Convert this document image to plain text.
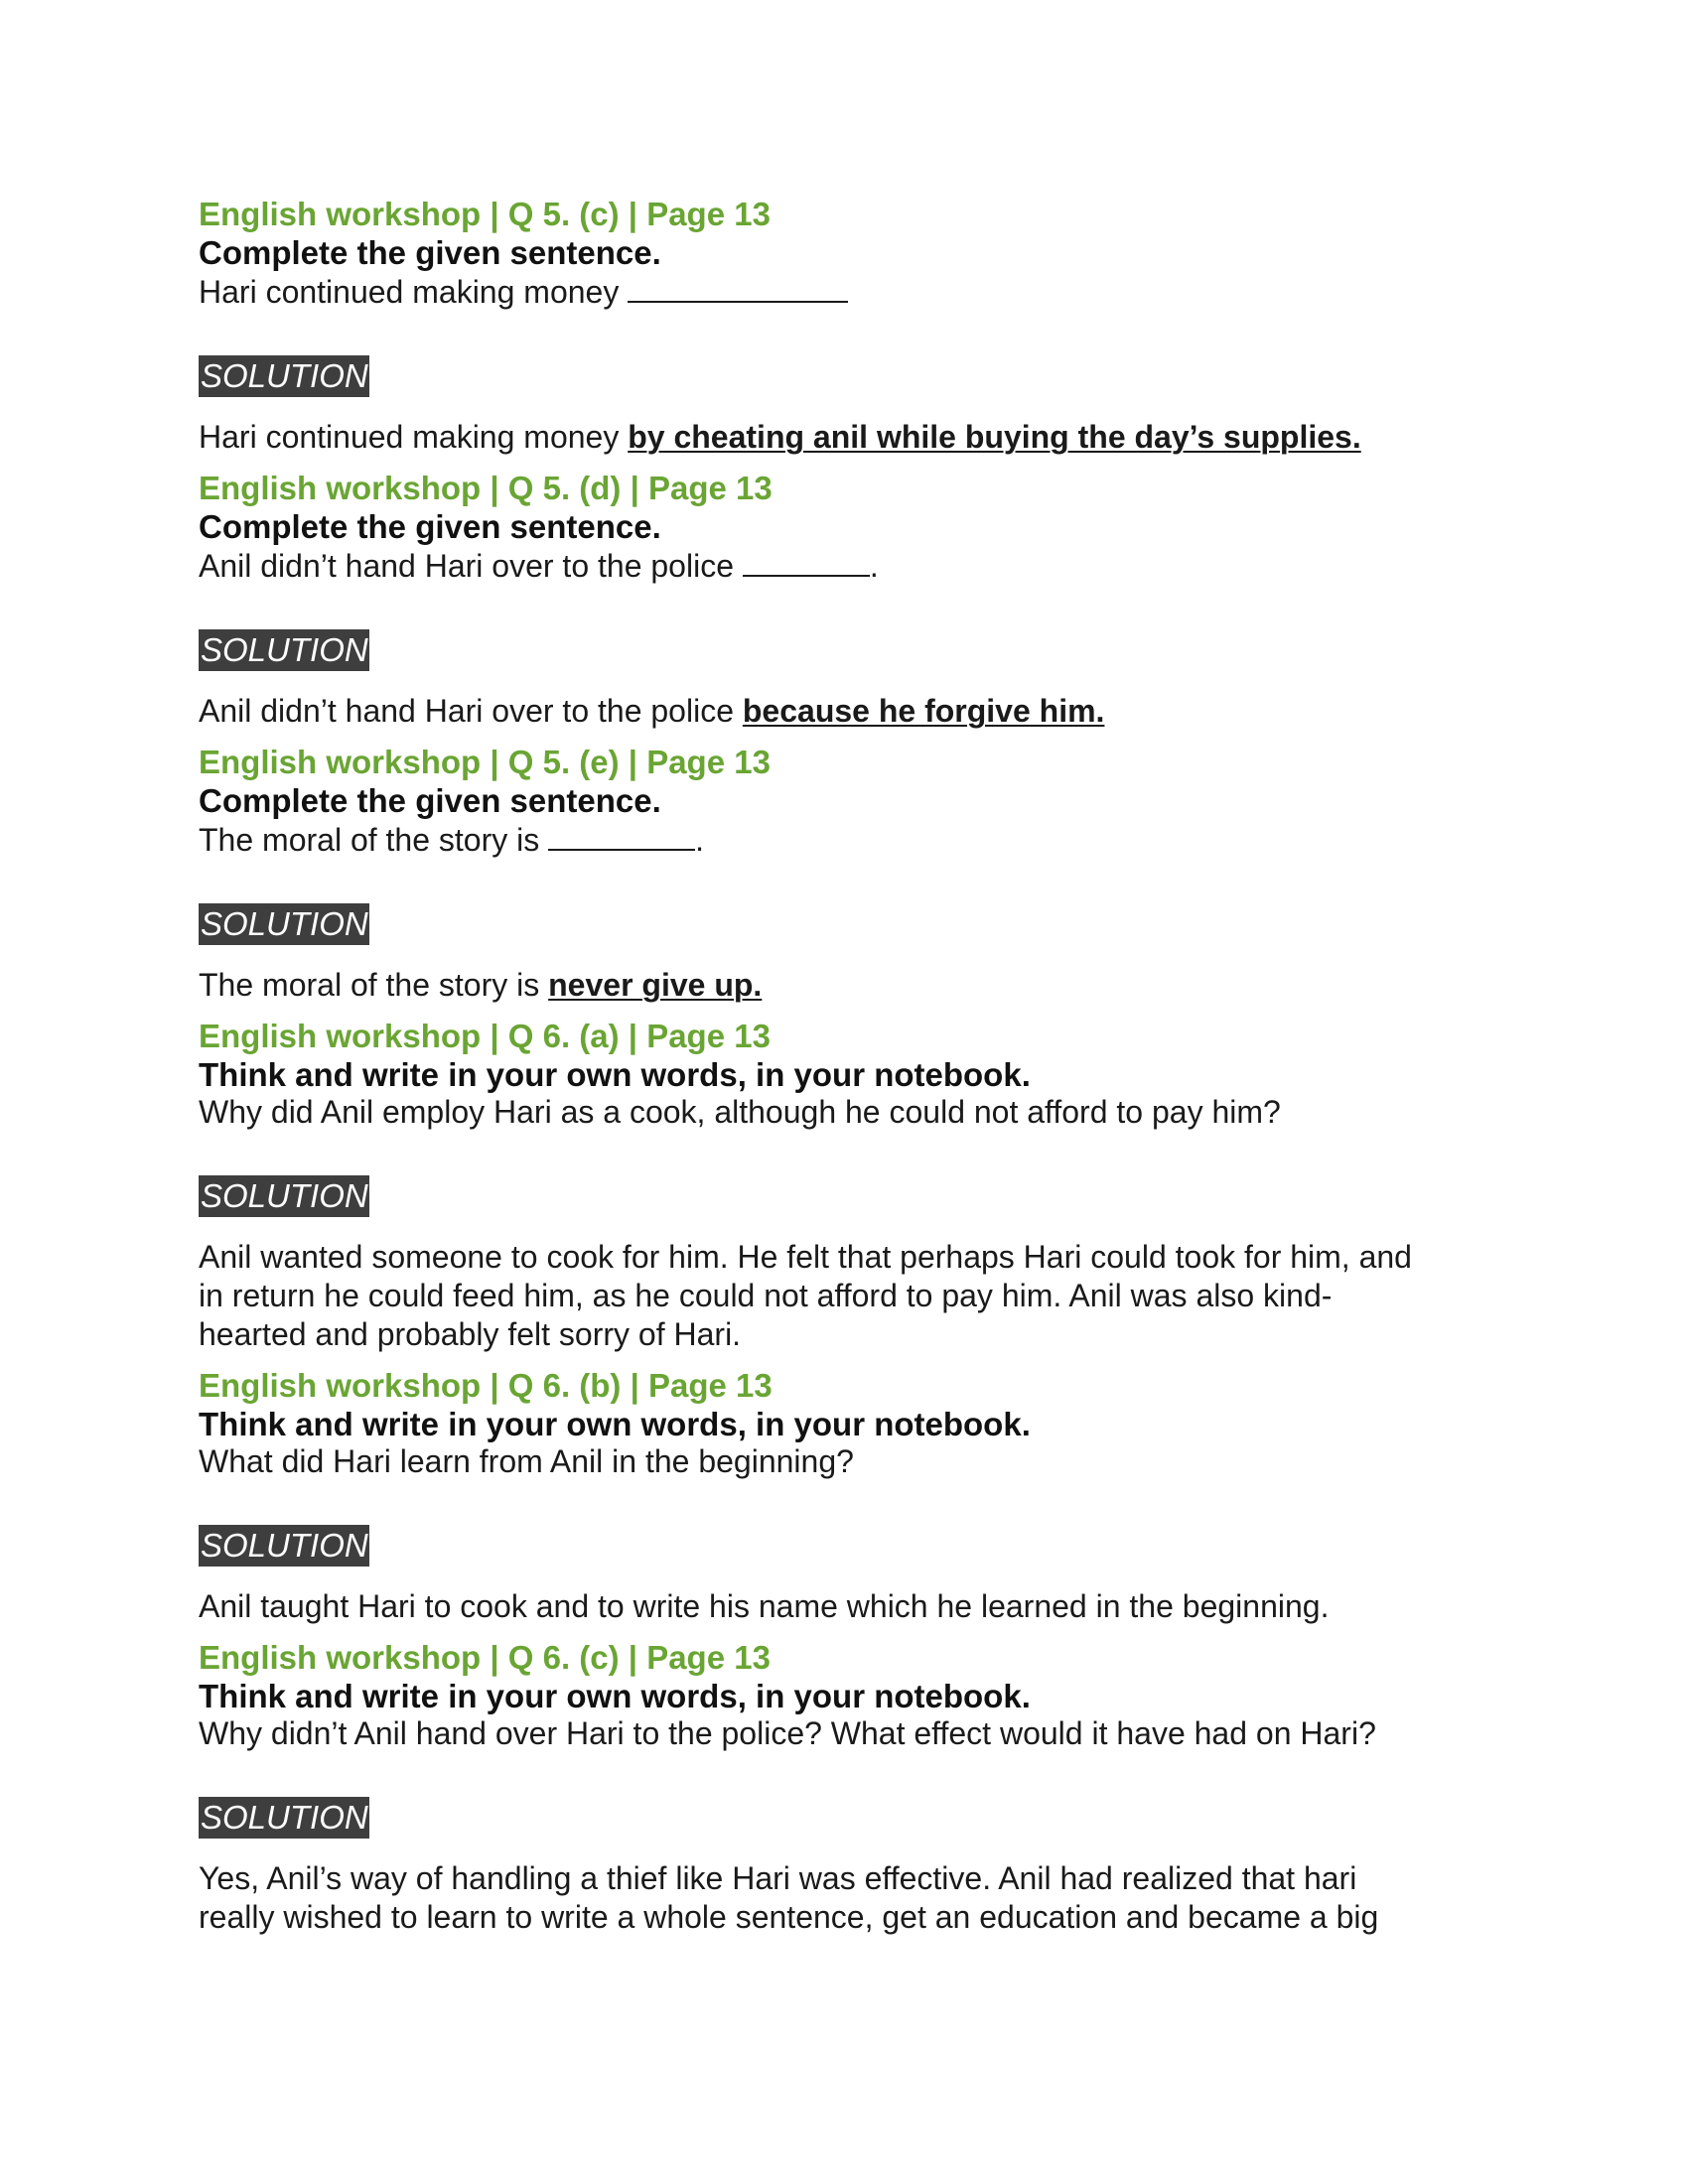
English workshop | Q 5. (c) | Page 13
Complete the given sentence.
Hari continued making money
SOLUTION
Hari continued making money by cheating anil while buying the day’s supplies.
English workshop | Q 5. (d) | Page 13
Complete the given sentence.
Anil didn’t hand Hari over to the police	.
SOLUTION
Anil didn’t hand Hari over to the police because he forgive him.
English workshop | Q 5. (e) | Page 13
Complete the given sentence.
The moral of the story is	.
SOLUTION
The moral of the story is never give up.
English workshop | Q 6. (a) | Page 13
Think and write in your own words, in your notebook.
Why did Anil employ Hari as a cook, although he could not afford to pay him?
SOLUTION
Anil wanted someone to cook for him. He felt that perhaps Hari could took for him, and
in return he could feed him, as he could not afford to pay him. Anil was also kind-
hearted and probably felt sorry of Hari.
English workshop | Q 6. (b) | Page 13
Think and write in your own words, in your notebook.
What did Hari learn from Anil in the beginning?
SOLUTION
Anil taught Hari to cook and to write his name which he learned in the beginning.
English workshop | Q 6. (c) | Page 13
Think and write in your own words, in your notebook.
Why didn’t Anil hand over Hari to the police? What effect would it have had on Hari?
SOLUTION
Yes, Anil’s way of handling a thief like Hari was effective. Anil had realized that hari
really wished to learn to write a whole sentence, get an education and became a big
